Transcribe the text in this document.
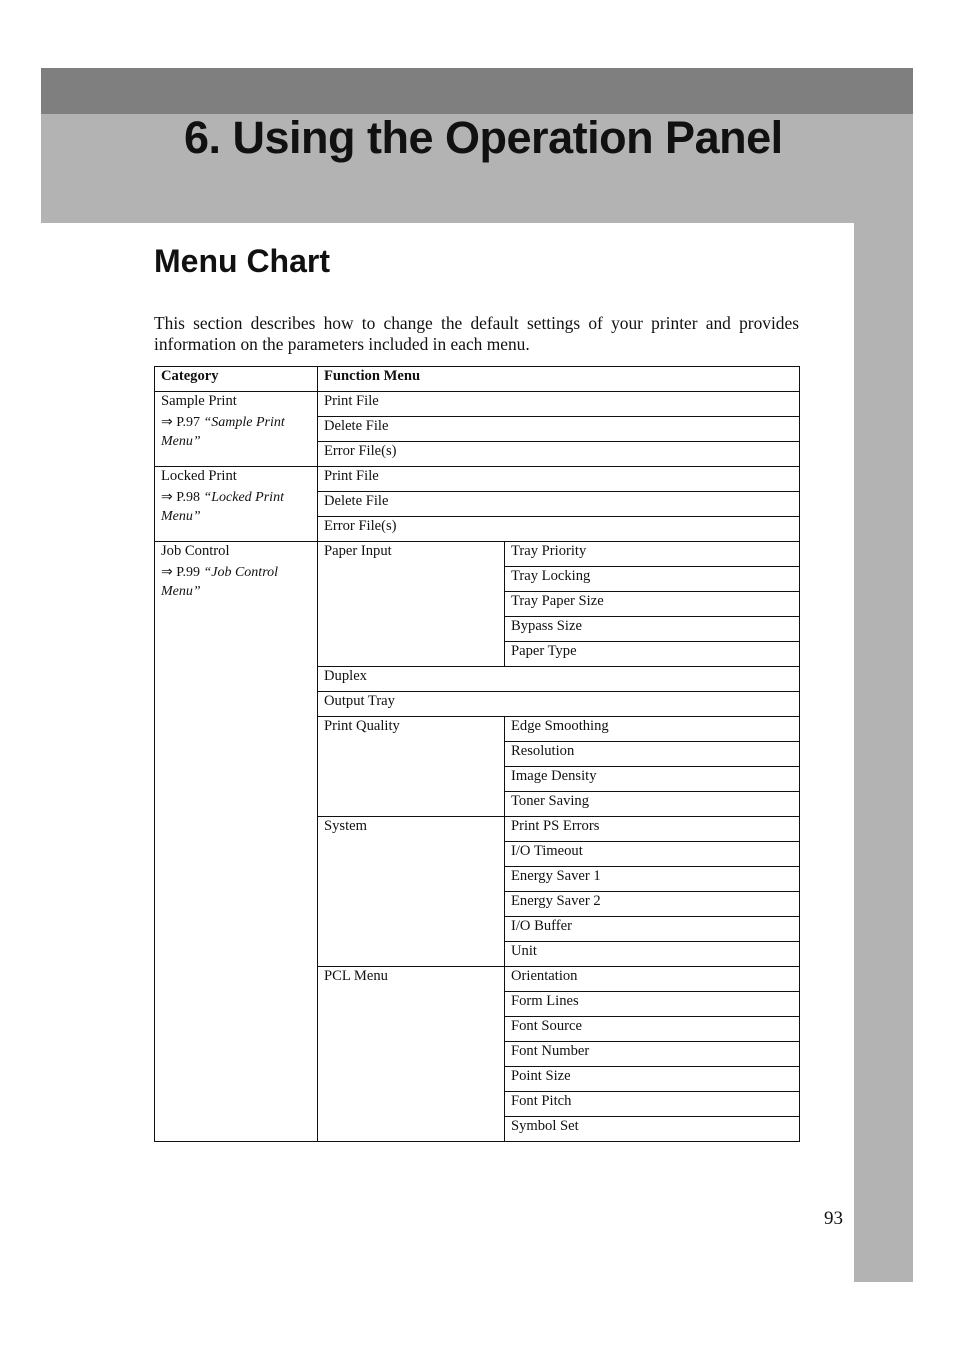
6. Using the Operation Panel
Menu Chart

This section describes how to change the default settings of your printer and provides information on the parameters included in each menu.

Category	Function Menu	
Sample Print
⇒ P.97 “Sample Print Menu”	Print File	
	Delete File	
	Error File(s)	
Locked Print
⇒ P.98 “Locked Print Menu”	Print File	
	Delete File	
	Error File(s)	
Job Control
⇒ P.99 “Job Control Menu”	Paper Input	Tray Priority
		Tray Locking
		Tray Paper Size
		Bypass Size
		Paper Type
	Duplex	
	Output Tray	
	Print Quality	Edge Smoothing
		Resolution
		Image Density
		Toner Saving
	System	Print PS Errors
		I/O Timeout
		Energy Saver 1
		Energy Saver 2
		I/O Buffer
		Unit
	PCL Menu	Orientation
		Form Lines
		Font Source
		Font Number
		Point Size
		Font Pitch
		Symbol Set
93
